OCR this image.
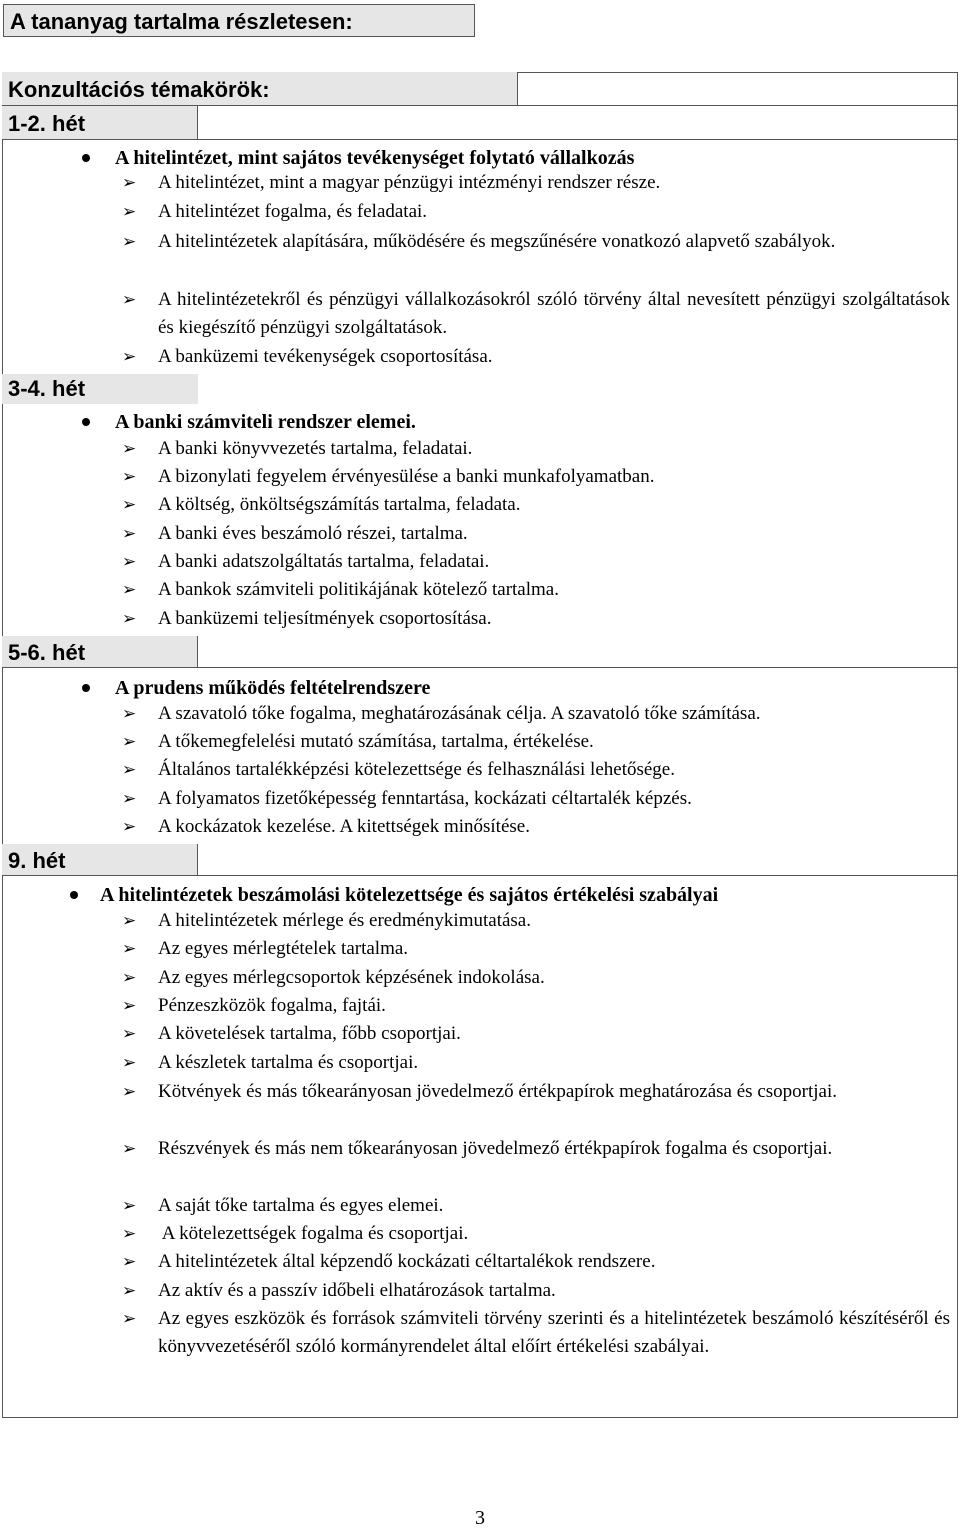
A tananyag tartalma részletesen:
Konzultációs témakörök:
1-2. hét
3-4. hét
5-6. hét
9. hét
A hitelintézet, mint sajátos tevékenységet folytató vállalkozás
➢ A hitelintézet, mint a magyar pénzügyi intézményi rendszer része.
➢ A hitelintézet fogalma, és feladatai.
➢ A hitelintézetek alapítására, működésére és megszűnésére vonatkozó alapvető szabályok.
➢ A hitelintézetekről és pénzügyi vállalkozásokról szóló törvény által nevesített pénzügyi szolgáltatások és kiegészítő pénzügyi szolgáltatások.
➢ A banküzemi tevékenységek csoportosítása.
A banki számviteli rendszer elemei.
➢ A banki könyvvezetés tartalma, feladatai.
➢ A bizonylati fegyelem érvényesülése a banki munkafolyamatban.
➢ A költség, önköltségszámítás tartalma, feladata.
➢ A banki éves beszámoló részei, tartalma.
➢ A banki adatszolgáltatás tartalma, feladatai.
➢ A bankok számviteli politikájának kötelező tartalma.
➢ A banküzemi teljesítmények csoportosítása.
A prudens működés feltételrendszere
➢ A szavatoló tőke fogalma, meghatározásának célja. A szavatoló tőke számítása.
➢ A tőkemegfelelési mutató számítása, tartalma, értékelése.
➢ Általános tartalékképzési kötelezettsége és felhasználási lehetősége.
➢ A folyamatos fizetőképesség fenntartása, kockázati céltartalék képzés.
➢ A kockázatok kezelése. A kitettségek minősítése.
A hitelintézetek beszámolási kötelezettsége és sajátos értékelési szabályai
➢ A hitelintézetek mérlege és eredménykimutatása.
➢ Az egyes mérlegtételek tartalma.
➢ Az egyes mérlegcsoportok képzésének indokolása.
➢ Pénzeszközök fogalma, fajtái.
➢ A követelések tartalma, főbb csoportjai.
➢ A készletek tartalma és csoportjai.
➢ Kötvények és más tőkearányosan jövedelmező értékpapírok meghatározása és csoportjai.
➢ Részvények és más nem tőkearányosan jövedelmező értékpapírok fogalma és csoportjai.
➢ A saját tőke tartalma és egyes elemei.
➢ A kötelezettségek fogalma és csoportjai.
➢ A hitelintézetek által képzendő kockázati céltartalékok rendszere.
➢ Az aktív és a passzív időbeli elhatározások tartalma.
➢ Az egyes eszközök és források számviteli törvény szerinti és a hitelintézetek beszámoló készítéséről és könyvvezetéséről szóló kormányrendelet által előírt értékelési szabályai.
3
